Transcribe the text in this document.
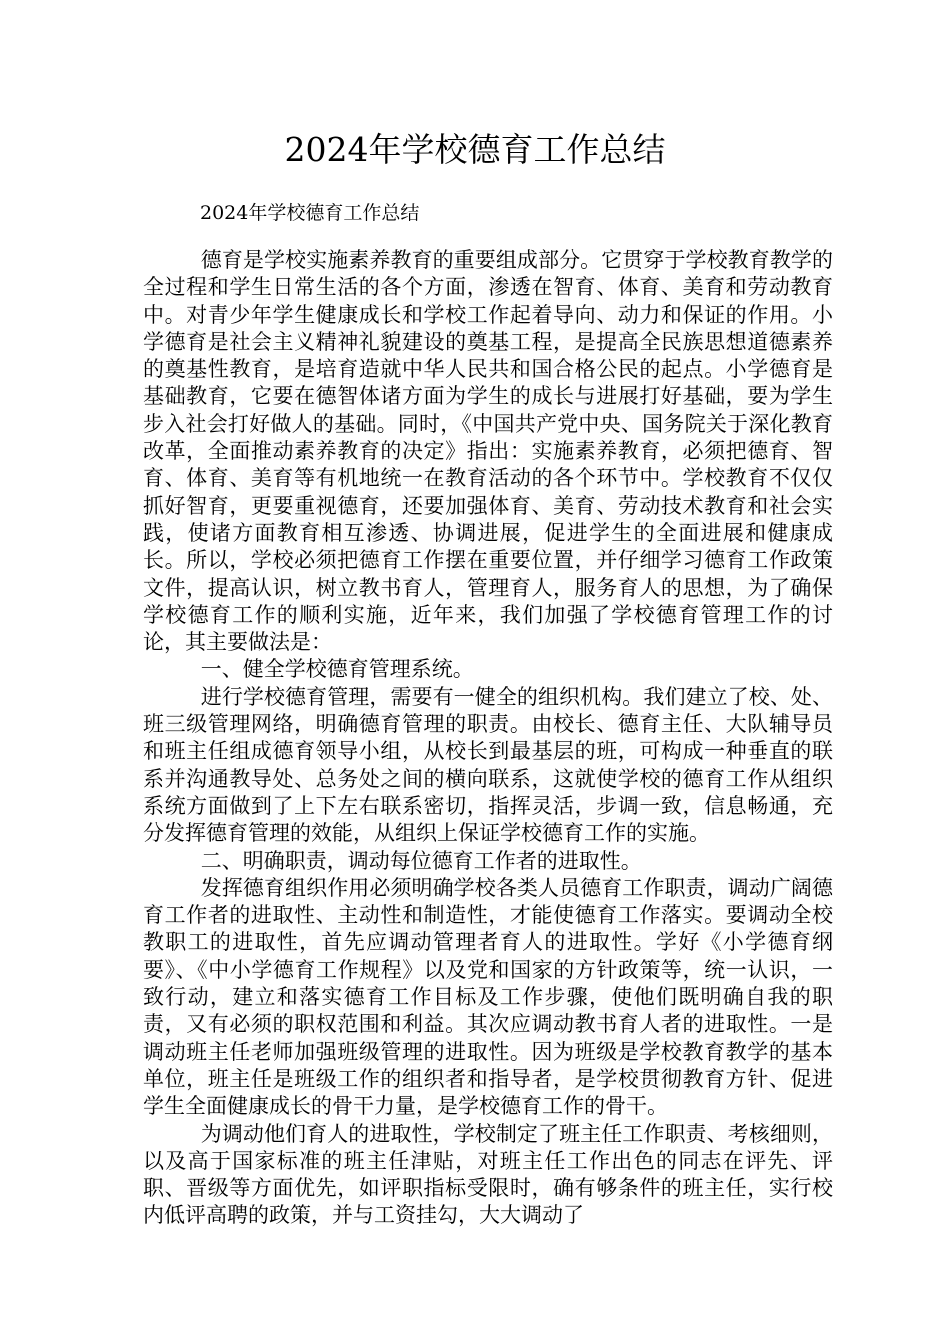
2024年学校德育工作总结

2024年学校德育工作总结

德育是学校实施素养教育的重要组成部分。它贯穿于学校教育教学的全过程和学生日常生活的各个方面，渗透在智育、体育、美育和劳动教育中。对青少年学生健康成长和学校工作起着导向、动力和保证的作用。小学德育是社会主义精神礼貌建设的奠基工程，是提高全民族思想道德素养的奠基性教育，是培育造就中华人民共和国合格公民的起点。小学德育是基础教育，它要在德智体诸方面为学生的成长与进展打好基础，要为学生步入社会打好做人的基础。同时，《中国共产党中央、国务院关于深化教育改革，全面推动素养教育的决定》指出：实施素养教育，必须把德育、智育、体育、美育等有机地统一在教育活动的各个环节中。学校教育不仅仅抓好智育，更要重视德育，还要加强体育、美育、劳动技术教育和社会实践，使诸方面教育相互渗透、协调进展，促进学生的全面进展和健康成长。所以，学校必须把德育工作摆在重要位置，并仔细学习德育工作政策文件，提高认识，树立教书育人，管理育人，服务育人的思想，为了确保学校德育工作的顺利实施，近年来，我们加强了学校德育管理工作的讨论，其主要做法是：

一、健全学校德育管理系统。

进行学校德育管理，需要有一健全的组织机构。我们建立了校、处、班三级管理网络，明确德育管理的职责。由校长、德育主任、大队辅导员和班主任组成德育领导小组，从校长到最基层的班，可构成一种垂直的联系并沟通教导处、总务处之间的横向联系，这就使学校的德育工作从组织系统方面做到了上下左右联系密切，指挥灵活，步调一致，信息畅通，充分发挥德育管理的效能，从组织上保证学校德育工作的实施。

二、明确职责，调动每位德育工作者的进取性。

发挥德育组织作用必须明确学校各类人员德育工作职责，调动广阔德育工作者的进取性、主动性和制造性，才能使德育工作落实。要调动全校教职工的进取性，首先应调动管理者育人的进取性。学好《小学德育纲要》、《中小学德育工作规程》以及党和国家的方针政策等，统一认识，一致行动，建立和落实德育工作目标及工作步骤，使他们既明确自我的职责，又有必须的职权范围和利益。其次应调动教书育人者的进取性。一是调动班主任老师加强班级管理的进取性。因为班级是学校教育教学的基本单位，班主任是班级工作的组织者和指导者，是学校贯彻教育方针、促进学生全面健康成长的骨干力量，是学校德育工作的骨干。

为调动他们育人的进取性，学校制定了班主任工作职责、考核细则，以及高于国家标准的班主任津贴，对班主任工作出色的同志在评先、评职、晋级等方面优先，如评职指标受限时，确有够条件的班主任，实行校内低评高聘的政策，并与工资挂勾，大大调动了
